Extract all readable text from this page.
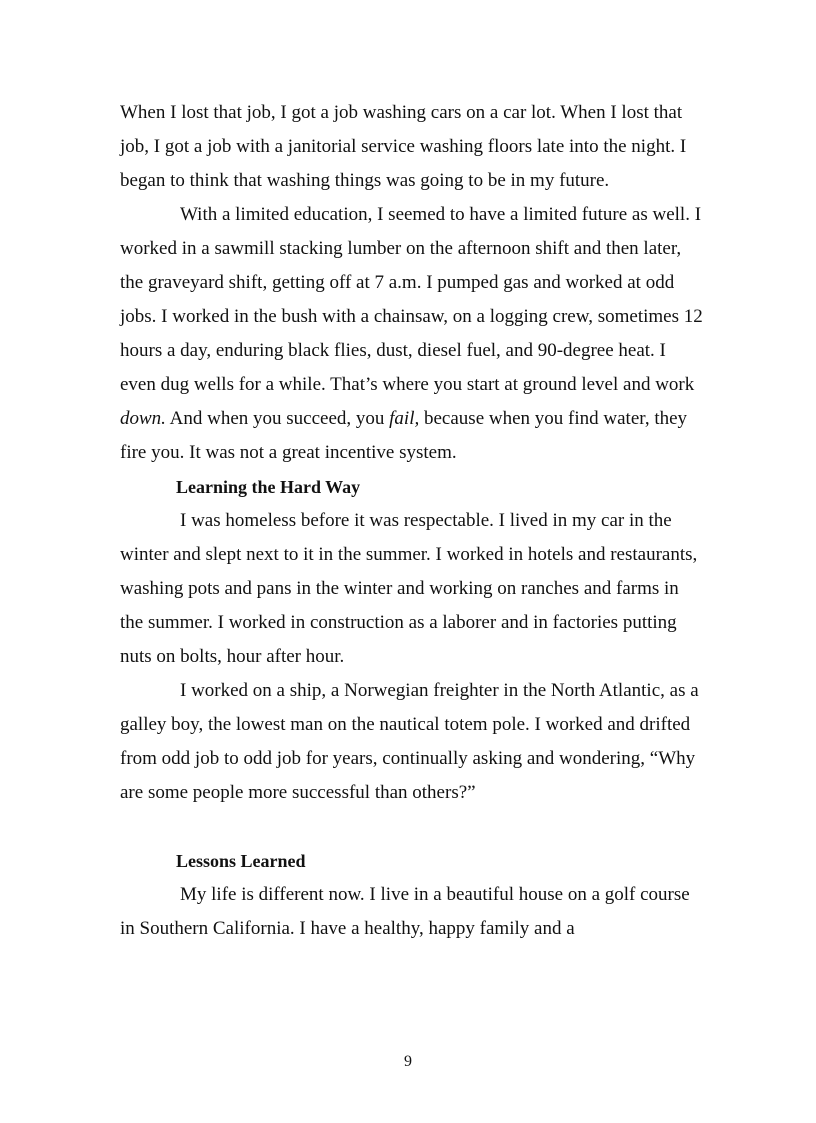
When I lost that job, I got a job washing cars on a car lot. When I lost that job, I got a job with a janitorial service washing floors late into the night. I began to think that washing things was going to be in my future.

With a limited education, I seemed to have a limited future as well. I worked in a sawmill stacking lumber on the afternoon shift and then later, the graveyard shift, getting off at 7 a.m. I pumped gas and worked at odd jobs. I worked in the bush with a chainsaw, on a logging crew, sometimes 12 hours a day, enduring black flies, dust, diesel fuel, and 90-degree heat. I even dug wells for a while. That’s where you start at ground level and work down. And when you succeed, you fail, because when you find water, they fire you. It was not a great incentive system.

Learning the Hard Way

I was homeless before it was respectable. I lived in my car in the winter and slept next to it in the summer. I worked in hotels and restaurants, washing pots and pans in the winter and working on ranches and farms in the summer. I worked in construction as a laborer and in factories putting nuts on bolts, hour after hour.

I worked on a ship, a Norwegian freighter in the North Atlantic, as a galley boy, the lowest man on the nautical totem pole. I worked and drifted from odd job to odd job for years, continually asking and wondering, “Why are some people more successful than others?”

Lessons Learned

My life is different now. I live in a beautiful house on a golf course in Southern California. I have a healthy, happy family and a

9
